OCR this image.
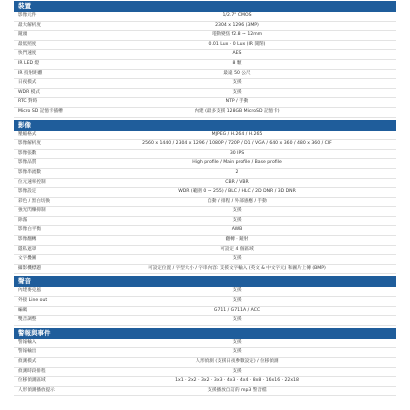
裝置
影像元件	1/2.7" CMOS
最大解析度	2304 x 1296 (3MP)
鏡頭	電動變焦 f2.8 ~ 12mm
最低照度	0.01 Lux · 0 Lux (IR 開閉)
快門速度	AES
IR LED 燈	8 顆
IR 投射距離	最遠 50 公尺
日夜模式	支援
WDR 模式	支援
RTC 對時	NTP / 手動
Micro SD 記憶卡插槽	內建 (最多支援 128GB MicroSD 記憶卡)
影像
壓縮格式	MJPEG / H.264 / H.265
影像解析度	2560 x 1440 / 2304 x 1296 / 1080P / 720P / D1 / VGA / 640 x 360 / 480 x 360 / CIF
影像張數	30 IPS
影像品質	High profile / Main profile / Base profile
影像串流數	2
位元速率控制	CBR / VBR
影像設定	WDR (範圍 0 ~ 255) / BLC / HLC / 2D DNR / 3D DNR
彩色 / 黑白切換	自動 / 排程 / 外部感應 / 手動
強光閃爍抑制	支援
除霧	支援
影像白平衡	AWB
影像翻轉	翻轉 · 鏡射
隱私遮罩	可設定 4 個區域
文字疊圖	支援
攝影機標題	可設定位置 / 字型大小 / 字串內容: 支援文字輸入 (英文 & 中文字元) 和圖片上傳 (BMP)
聲音
內建麥克風	支援
外接 Line out	支援
編碼	G711 / G711A / ACC
雙音調整	支援
警報與事件
警報輸入	支援
警報輸出	支援
偵測模式	人形偵測 (支援日夜參數設定) / 位移偵測
偵測時段排程	支援
位移偵測區域	1x1 · 2x2 · 3x2 · 3x3 · 4x3 · 4x4 · 8x8 · 16x16 · 22x18
人形偵測播放提示	支援播放自訂的 mp3 警音檔
